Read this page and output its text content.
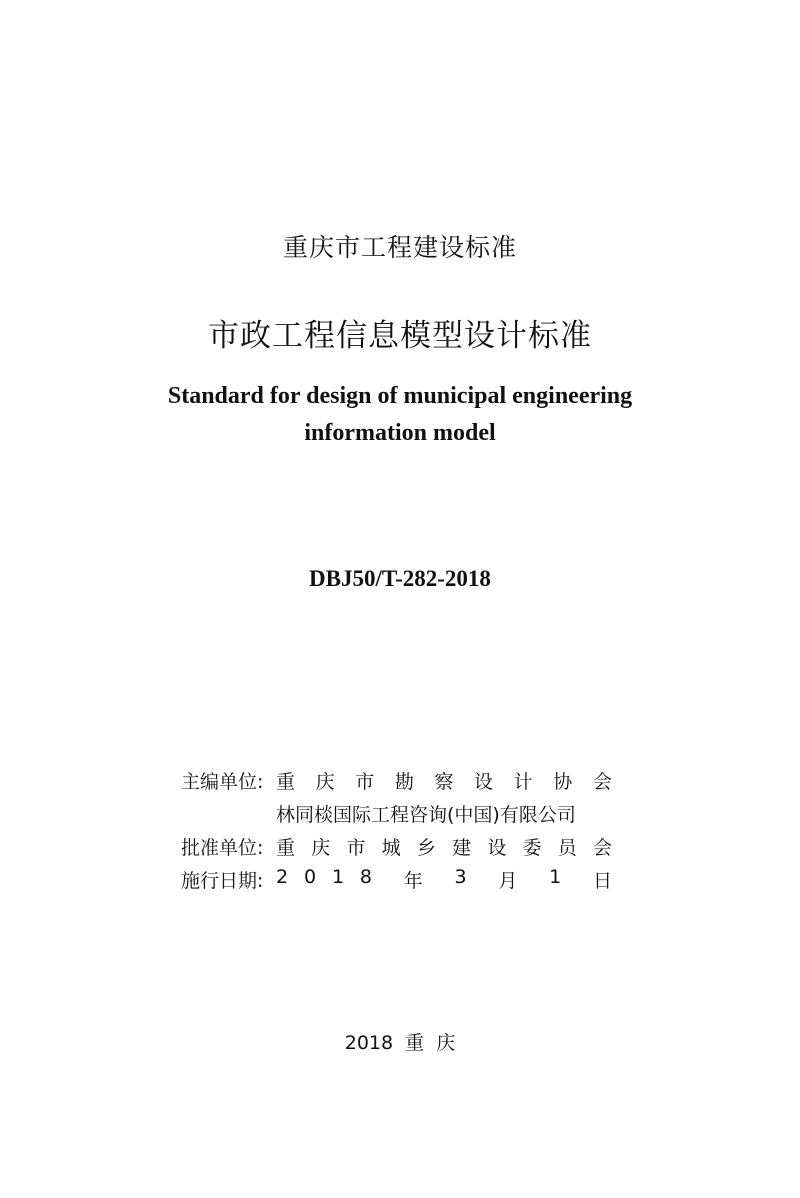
重庆市工程建设标准
市政工程信息模型设计标准
Standard for design of municipal engineering
information model
DBJ50/T-282-2018
主编单位: 重 庆 市 勘 察 设 计 协 会
林同棪国际工程咨询(中国)有限公司
批准单位: 重 庆 市 城 乡 建 设 委 员 会
施行日期: 2 0 1 8 年 3 月 1 日
2018  重  庆
